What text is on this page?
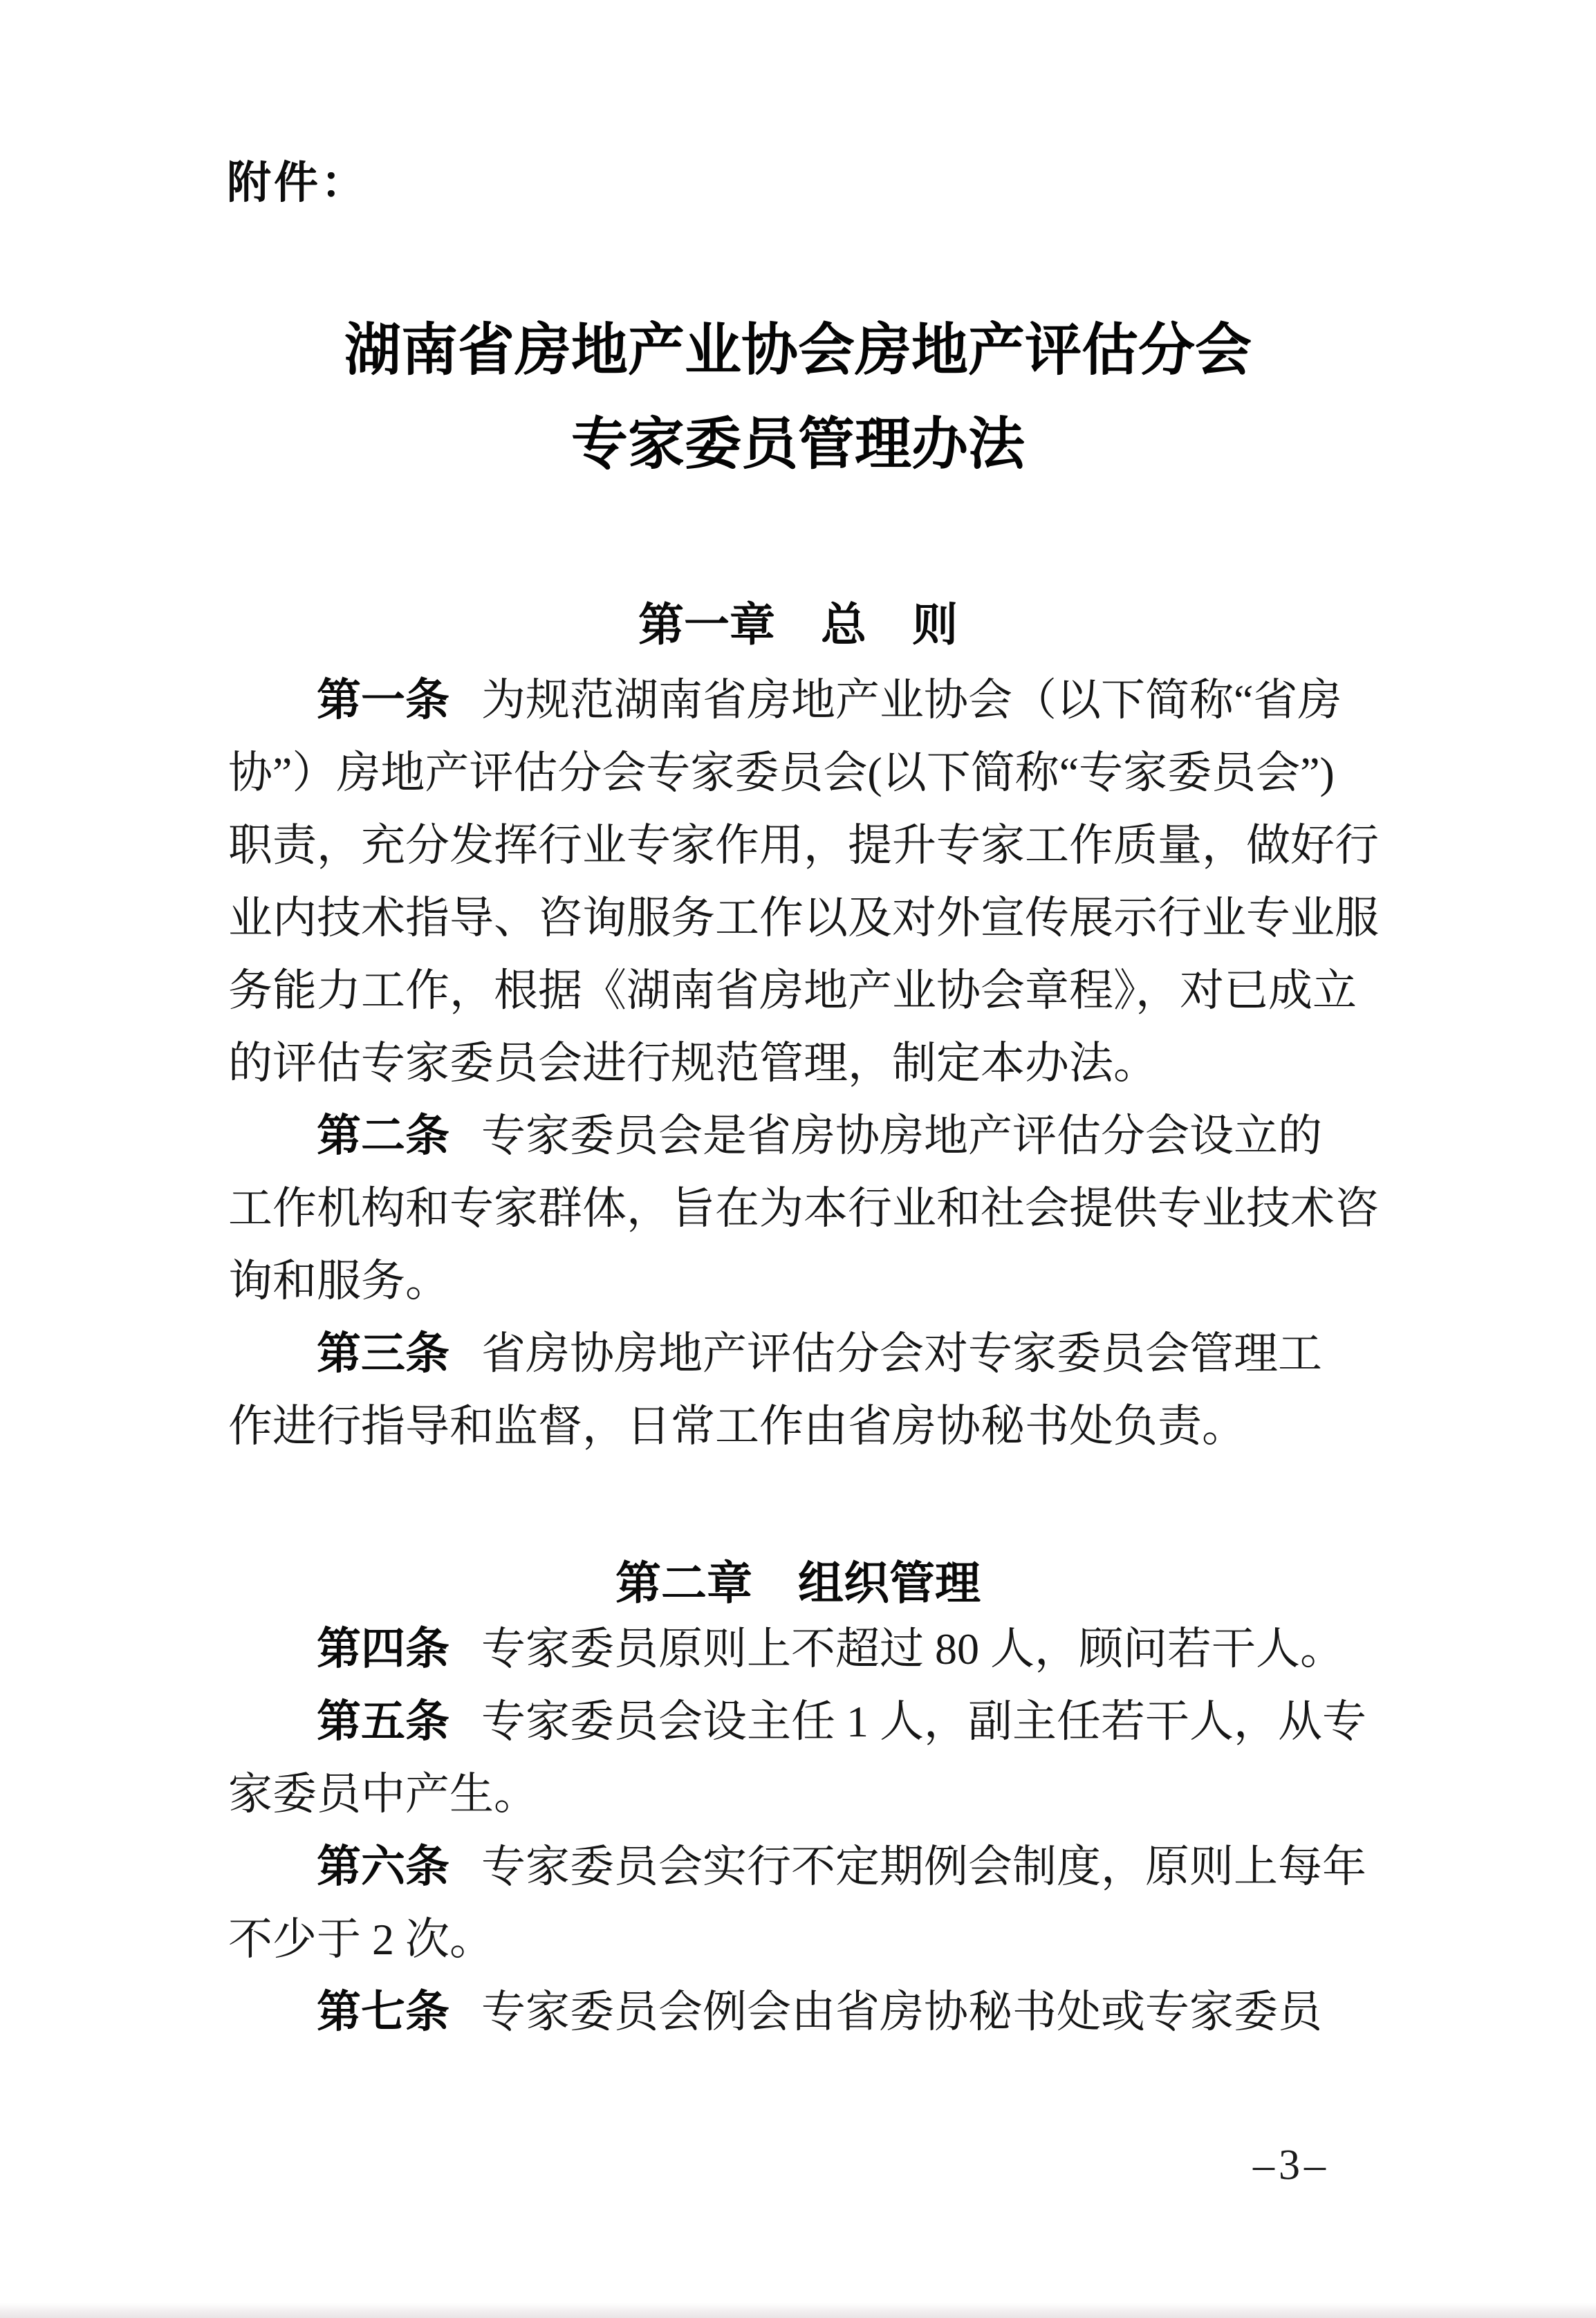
附件：
湖南省房地产业协会房地产评估分会
专家委员管理办法
第一章　总　则
第一条 为规范湖南省房地产业协会（以下简称“省房
协”）房地产评估分会专家委员会(以下简称“专家委员会”)
职责，充分发挥行业专家作用，提升专家工作质量，做好行
业内技术指导、咨询服务工作以及对外宣传展示行业专业服
务能力工作，根据《湖南省房地产业协会章程》，对已成立
的评估专家委员会进行规范管理，制定本办法。
第二条 专家委员会是省房协房地产评估分会设立的
工作机构和专家群体，旨在为本行业和社会提供专业技术咨
询和服务。
第三条 省房协房地产评估分会对专家委员会管理工
作进行指导和监督，日常工作由省房协秘书处负责。
第二章　组织管理
第四条 专家委员原则上不超过 80 人，顾问若干人。
第五条 专家委员会设主任 1 人，副主任若干人，从专
家委员中产生。
第六条 专家委员会实行不定期例会制度，原则上每年
不少于 2 次。
第七条 专家委员会例会由省房协秘书处或专家委员
–3–
